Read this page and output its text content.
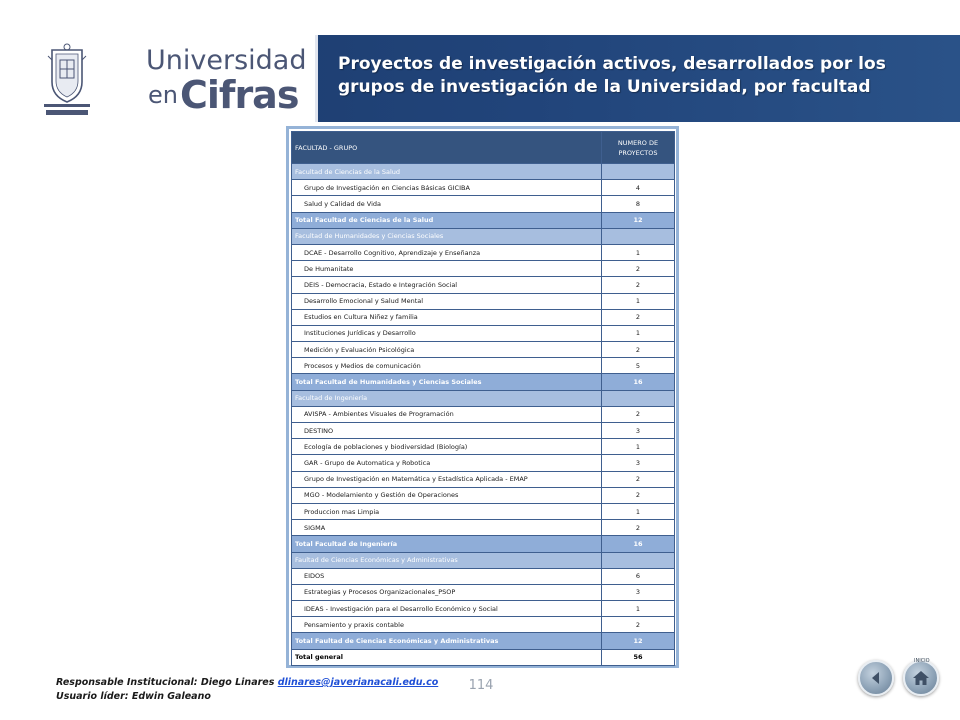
Universidad
en Cifras
Proyectos de investigación activos, desarrollados por los grupos de investigación de la Universidad, por facultad
FACULTAD - GRUPO	NUMERO DE PROYECTOS
Facultad de Ciencias de la Salud	
Grupo de Investigación en Ciencias Básicas GICIBA	4
Salud y Calidad de Vida	8
Total Facultad de Ciencias de la Salud	12
Facultad de Humanidades y Ciencias Sociales	
DCAE - Desarrollo Cognitivo, Aprendizaje y Enseñanza	1
De Humanitate	2
DEIS - Democracia, Estado e Integración Social	2
Desarrollo Emocional y Salud Mental	1
Estudios en Cultura Niñez y familia	2
Instituciones Jurídicas y Desarrollo	1
Medición y Evaluación Psicológica	2
Procesos y Medios de comunicación	5
Total Facultad de Humanidades y Ciencias Sociales	16
Facultad de Ingeniería	
AVISPA - Ambientes Visuales de Programación	2
DESTINO	3
Ecología de poblaciones y biodiversidad (Biología)	1
GAR - Grupo de Automatica y Robotica	3
Grupo de Investigación en Matemática y Estadística Aplicada - EMAP	2
MGO - Modelamiento y Gestión de Operaciones	2
Produccion mas Limpia	1
SIGMA	2
Total Facultad de Ingeniería	16
Faultad de Ciencias Económicas y Administrativas	
EIDOS	6
Estrategias y Procesos Organizacionales_PSOP	3
IDEAS - Investigación para el Desarrollo Económico y Social	1
Pensamiento y praxis contable	2
Total Faultad de Ciencias Económicas y Administrativas	12
Total general	56
Responsable Institucional: Diego Linares dlinares@javerianacali.edu.co
Usuario líder: Edwin Galeano
114
INICIO
